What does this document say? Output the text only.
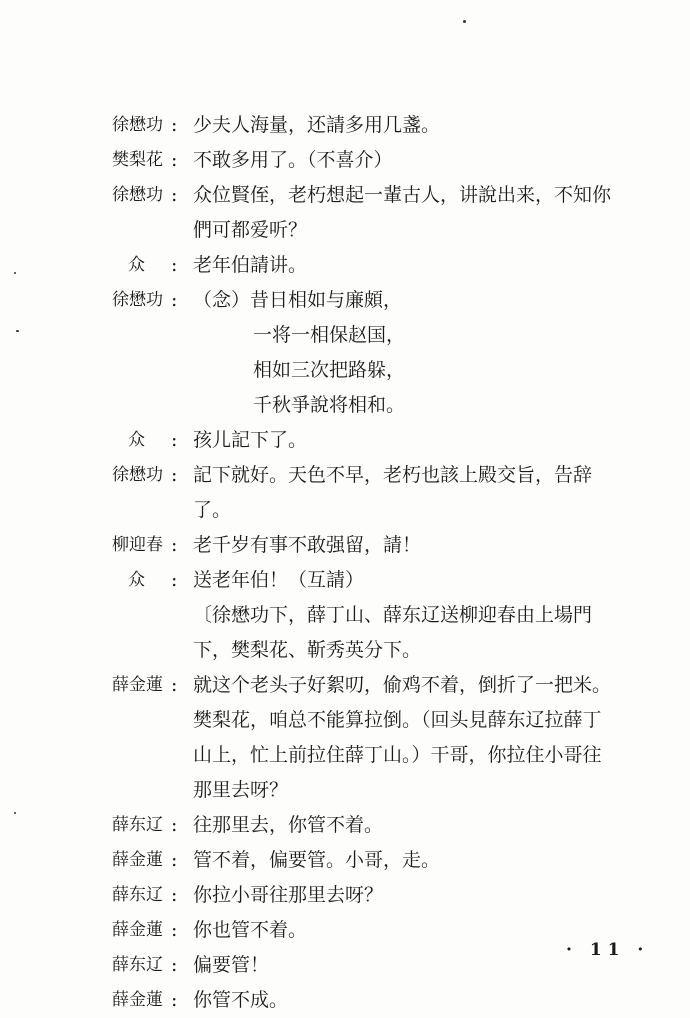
徐懋功 : 少夫人海量，还請多用几盞。
樊梨花 : 不敢多用了。（不喜介）
徐懋功 : 众位賢侄，老朽想起一輩古人，讲說出来，不知你
們可都爱听？
众	: 老年伯請讲。
徐懋功 : （念）昔日相如与廉頗，
一将一相保赵国，
相如三次把路躲，
千秋爭說将相和。
众	: 孩儿記下了。
徐懋功 : 記下就好。天色不早，老朽也該上殿交旨，告辞
了。
柳迎春 : 老千岁有事不敢强留，請！
众	: 送老年伯！（互請）
〔徐懋功下，薛丁山、薛东辽送柳迎春由上場門
下，樊梨花、靳秀英分下。
薛金蓮 : 就这个老头子好絮叨，偷鸡不着，倒折了一把米。
樊梨花，咱总不能算拉倒。（回头見薛东辽拉薛丁
山上，忙上前拉住薛丁山。）干哥，你拉住小哥往
那里去呀？
薛东辽 : 往那里去，你管不着。
薛金蓮 : 管不着，偏要管。小哥，走。
薛东辽 : 你拉小哥往那里去呀？
薛金蓮 : 你也管不着。
薛东辽 : 偏要管！
薛金蓮 : 你管不成。
· 11 ·
